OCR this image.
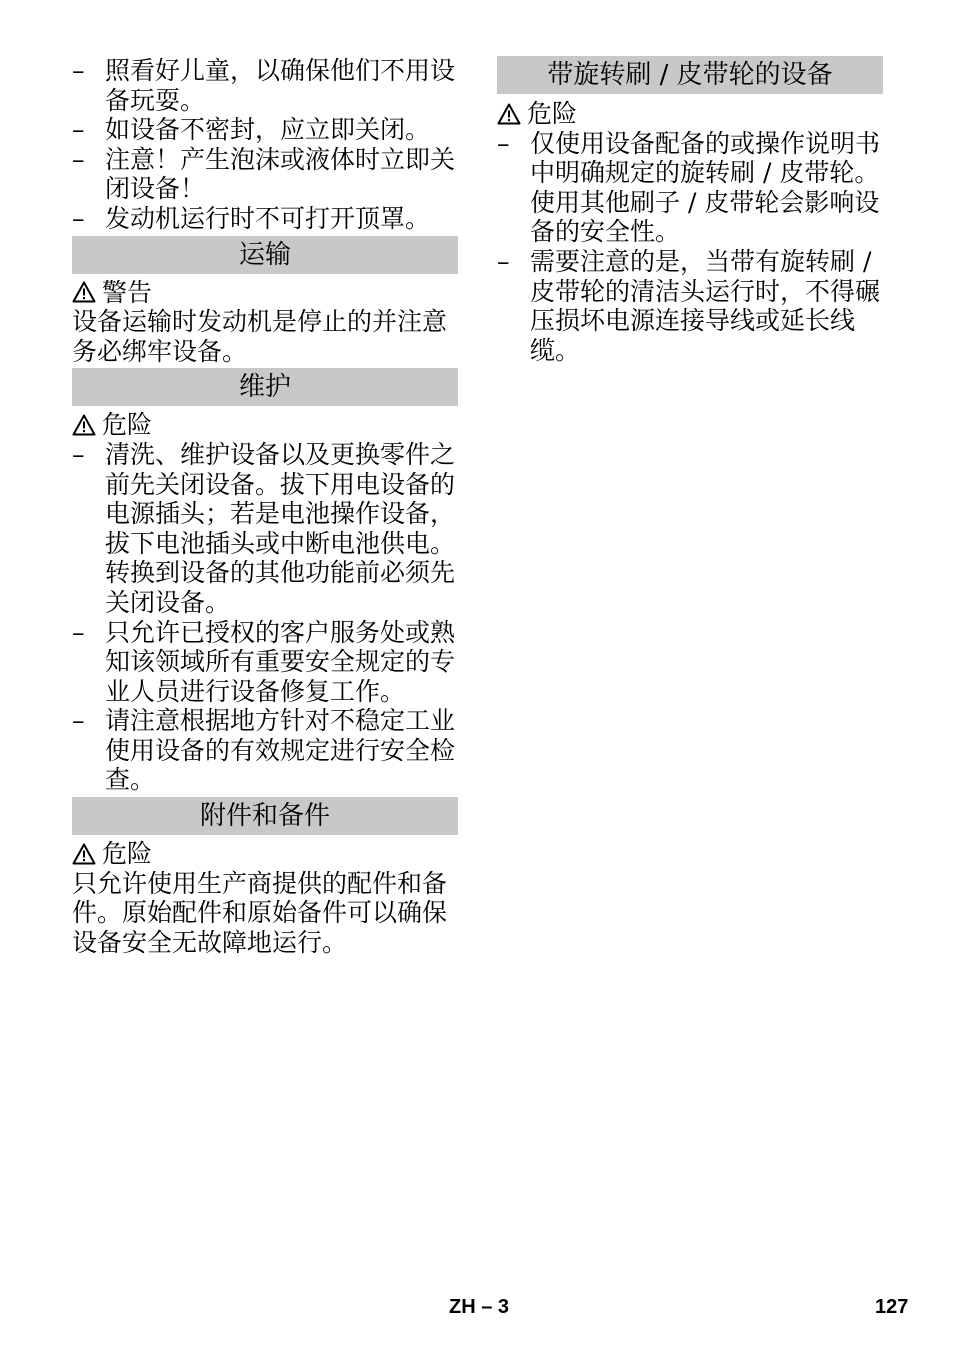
– 照看好儿童，以确保他们不用设备玩耍。
– 如设备不密封，应立即关闭。
– 注意！产生泡沫或液体时立即关闭设备！
– 发动机运行时不可打开顶罩。
运输
警告
设备运输时发动机是停止的并注意务必绑牢设备。
维护
危险
– 清洗、维护设备以及更换零件之前先关闭设备。拔下用电设备的电源插头；若是电池操作设备，拔下电池插头或中断电池供电。转换到设备的其他功能前必须先关闭设备。
– 只允许已授权的客户服务处或熟知该领域所有重要安全规定的专业人员进行设备修复工作。
– 请注意根据地方针对不稳定工业使用设备的有效规定进行安全检查。
附件和备件
危险
只允许使用生产商提供的配件和备件。原始配件和原始备件可以确保设备安全无故障地运行。
带旋转刷 / 皮带轮的设备
危险
– 仅使用设备配备的或操作说明书中明确规定的旋转刷 / 皮带轮。使用其他刷子 / 皮带轮会影响设备的安全性。
– 需要注意的是，当带有旋转刷 / 皮带轮的清洁头运行时，不得碾压损坏电源连接导线或延长线缆。
ZH – 3	127
